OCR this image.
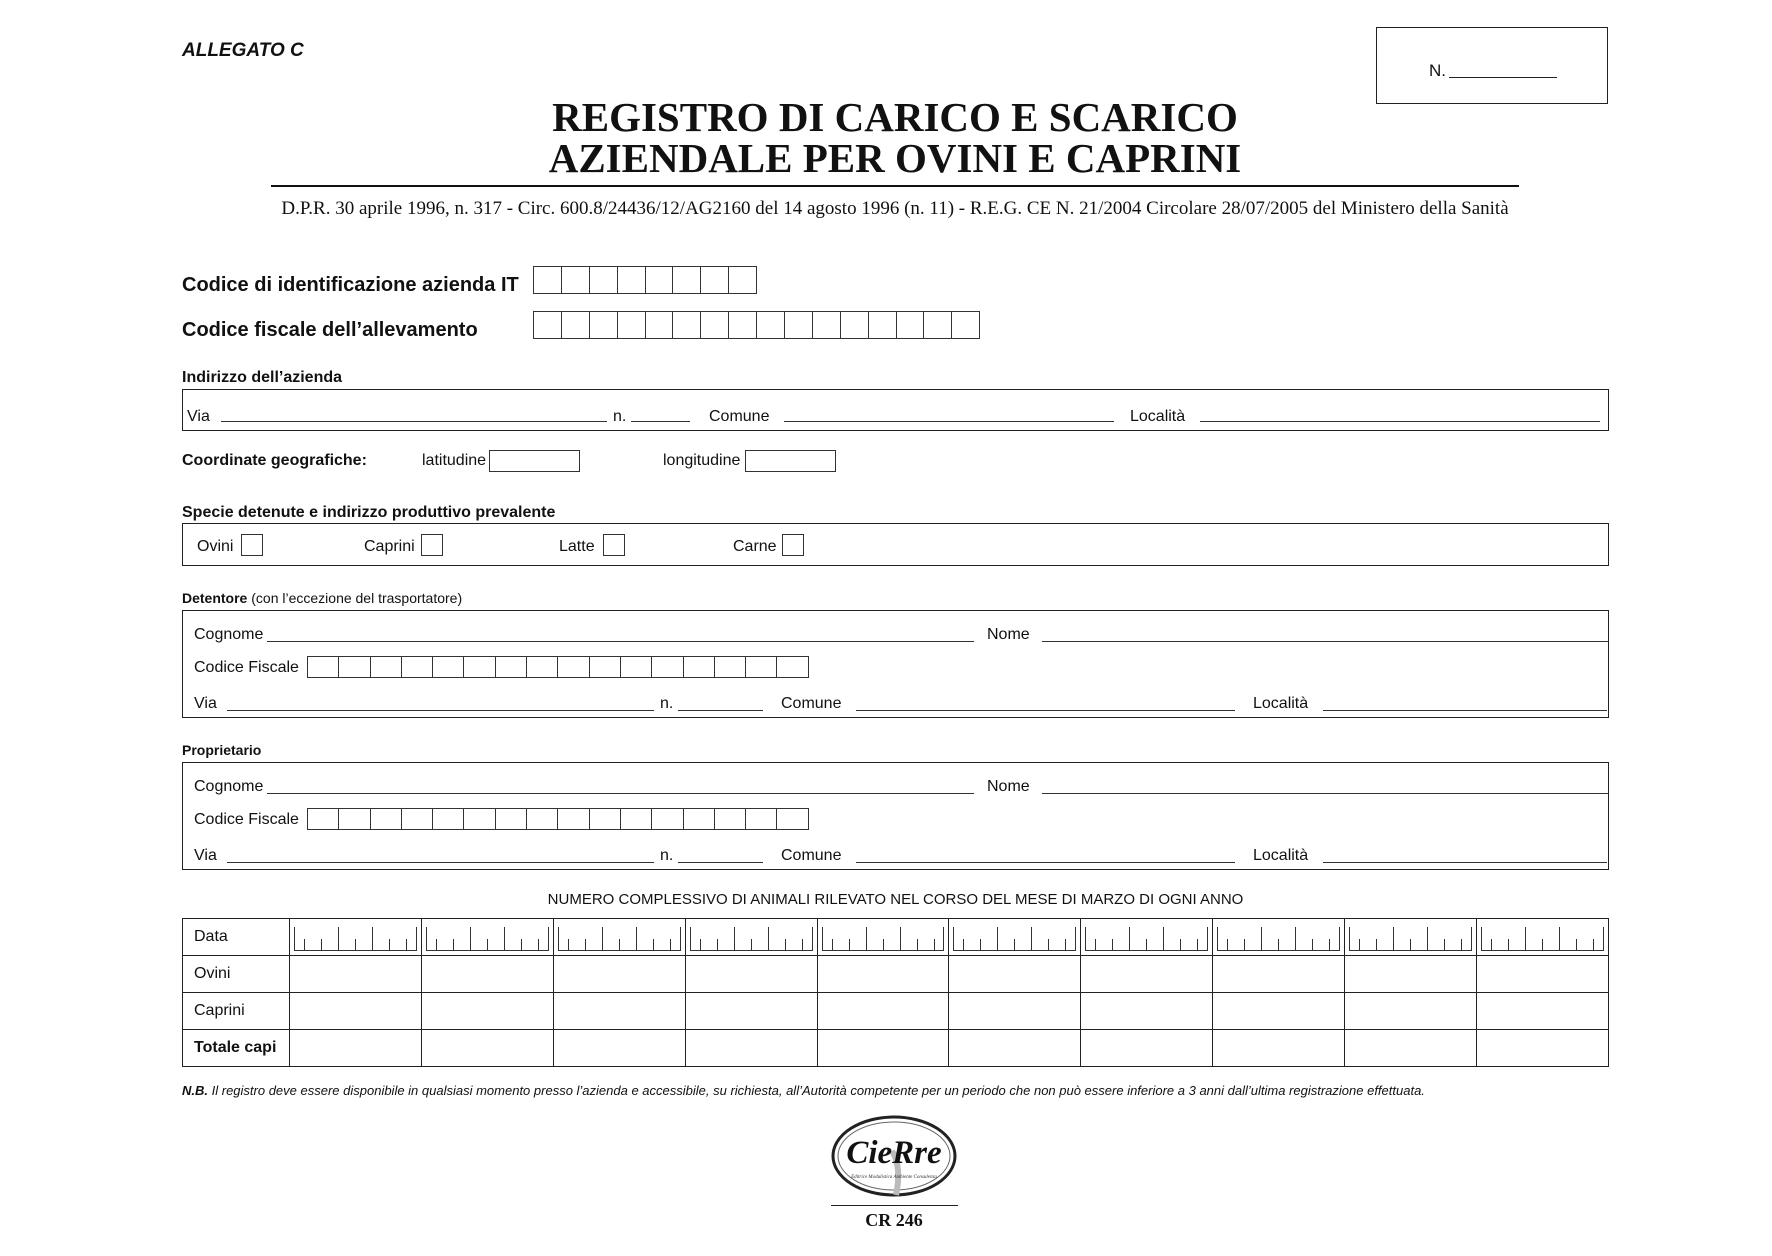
ALLEGATO C
N.
REGISTRO DI CARICO E SCARICO
AZIENDALE PER OVINI E CAPRINI
D.P.R. 30 aprile 1996, n. 317 - Circ. 600.8/24436/12/AG2160 del 14 agosto 1996 (n. 11) - R.E.G. CE N. 21/2004 Circolare 28/07/2005 del Ministero della Sanità
Codice di identificazione azienda IT
Codice fiscale dell’allevamento
Indirizzo dell’azienda
Via	n.	Comune	Località
Coordinate geografiche:	latitudine	longitudine
Specie detenute e indirizzo produttivo prevalente
Ovini	Caprini	Latte	Carne
Detentore (con l’eccezione del trasportatore)
Cognome	Nome
Codice Fiscale
Via	n.	Comune	Località
Proprietario
Cognome	Nome
Codice Fiscale
Via	n.	Comune	Località
NUMERO COMPLESSIVO DI ANIMALI RILEVATO NEL CORSO DEL MESE DI MARZO DI OGNI ANNO
Data	

Ovini										
Caprini										
Totale capi										
N.B. Il registro deve essere disponibile in qualsiasi momento presso l’azienda e accessibile, su richiesta, all’Autorità competente per un periodo che non può essere inferiore a 3 anni dall’ultima registrazione effettuata.
CieRre
Editrice Modulistica Ambiente Consulenza
CR 246
